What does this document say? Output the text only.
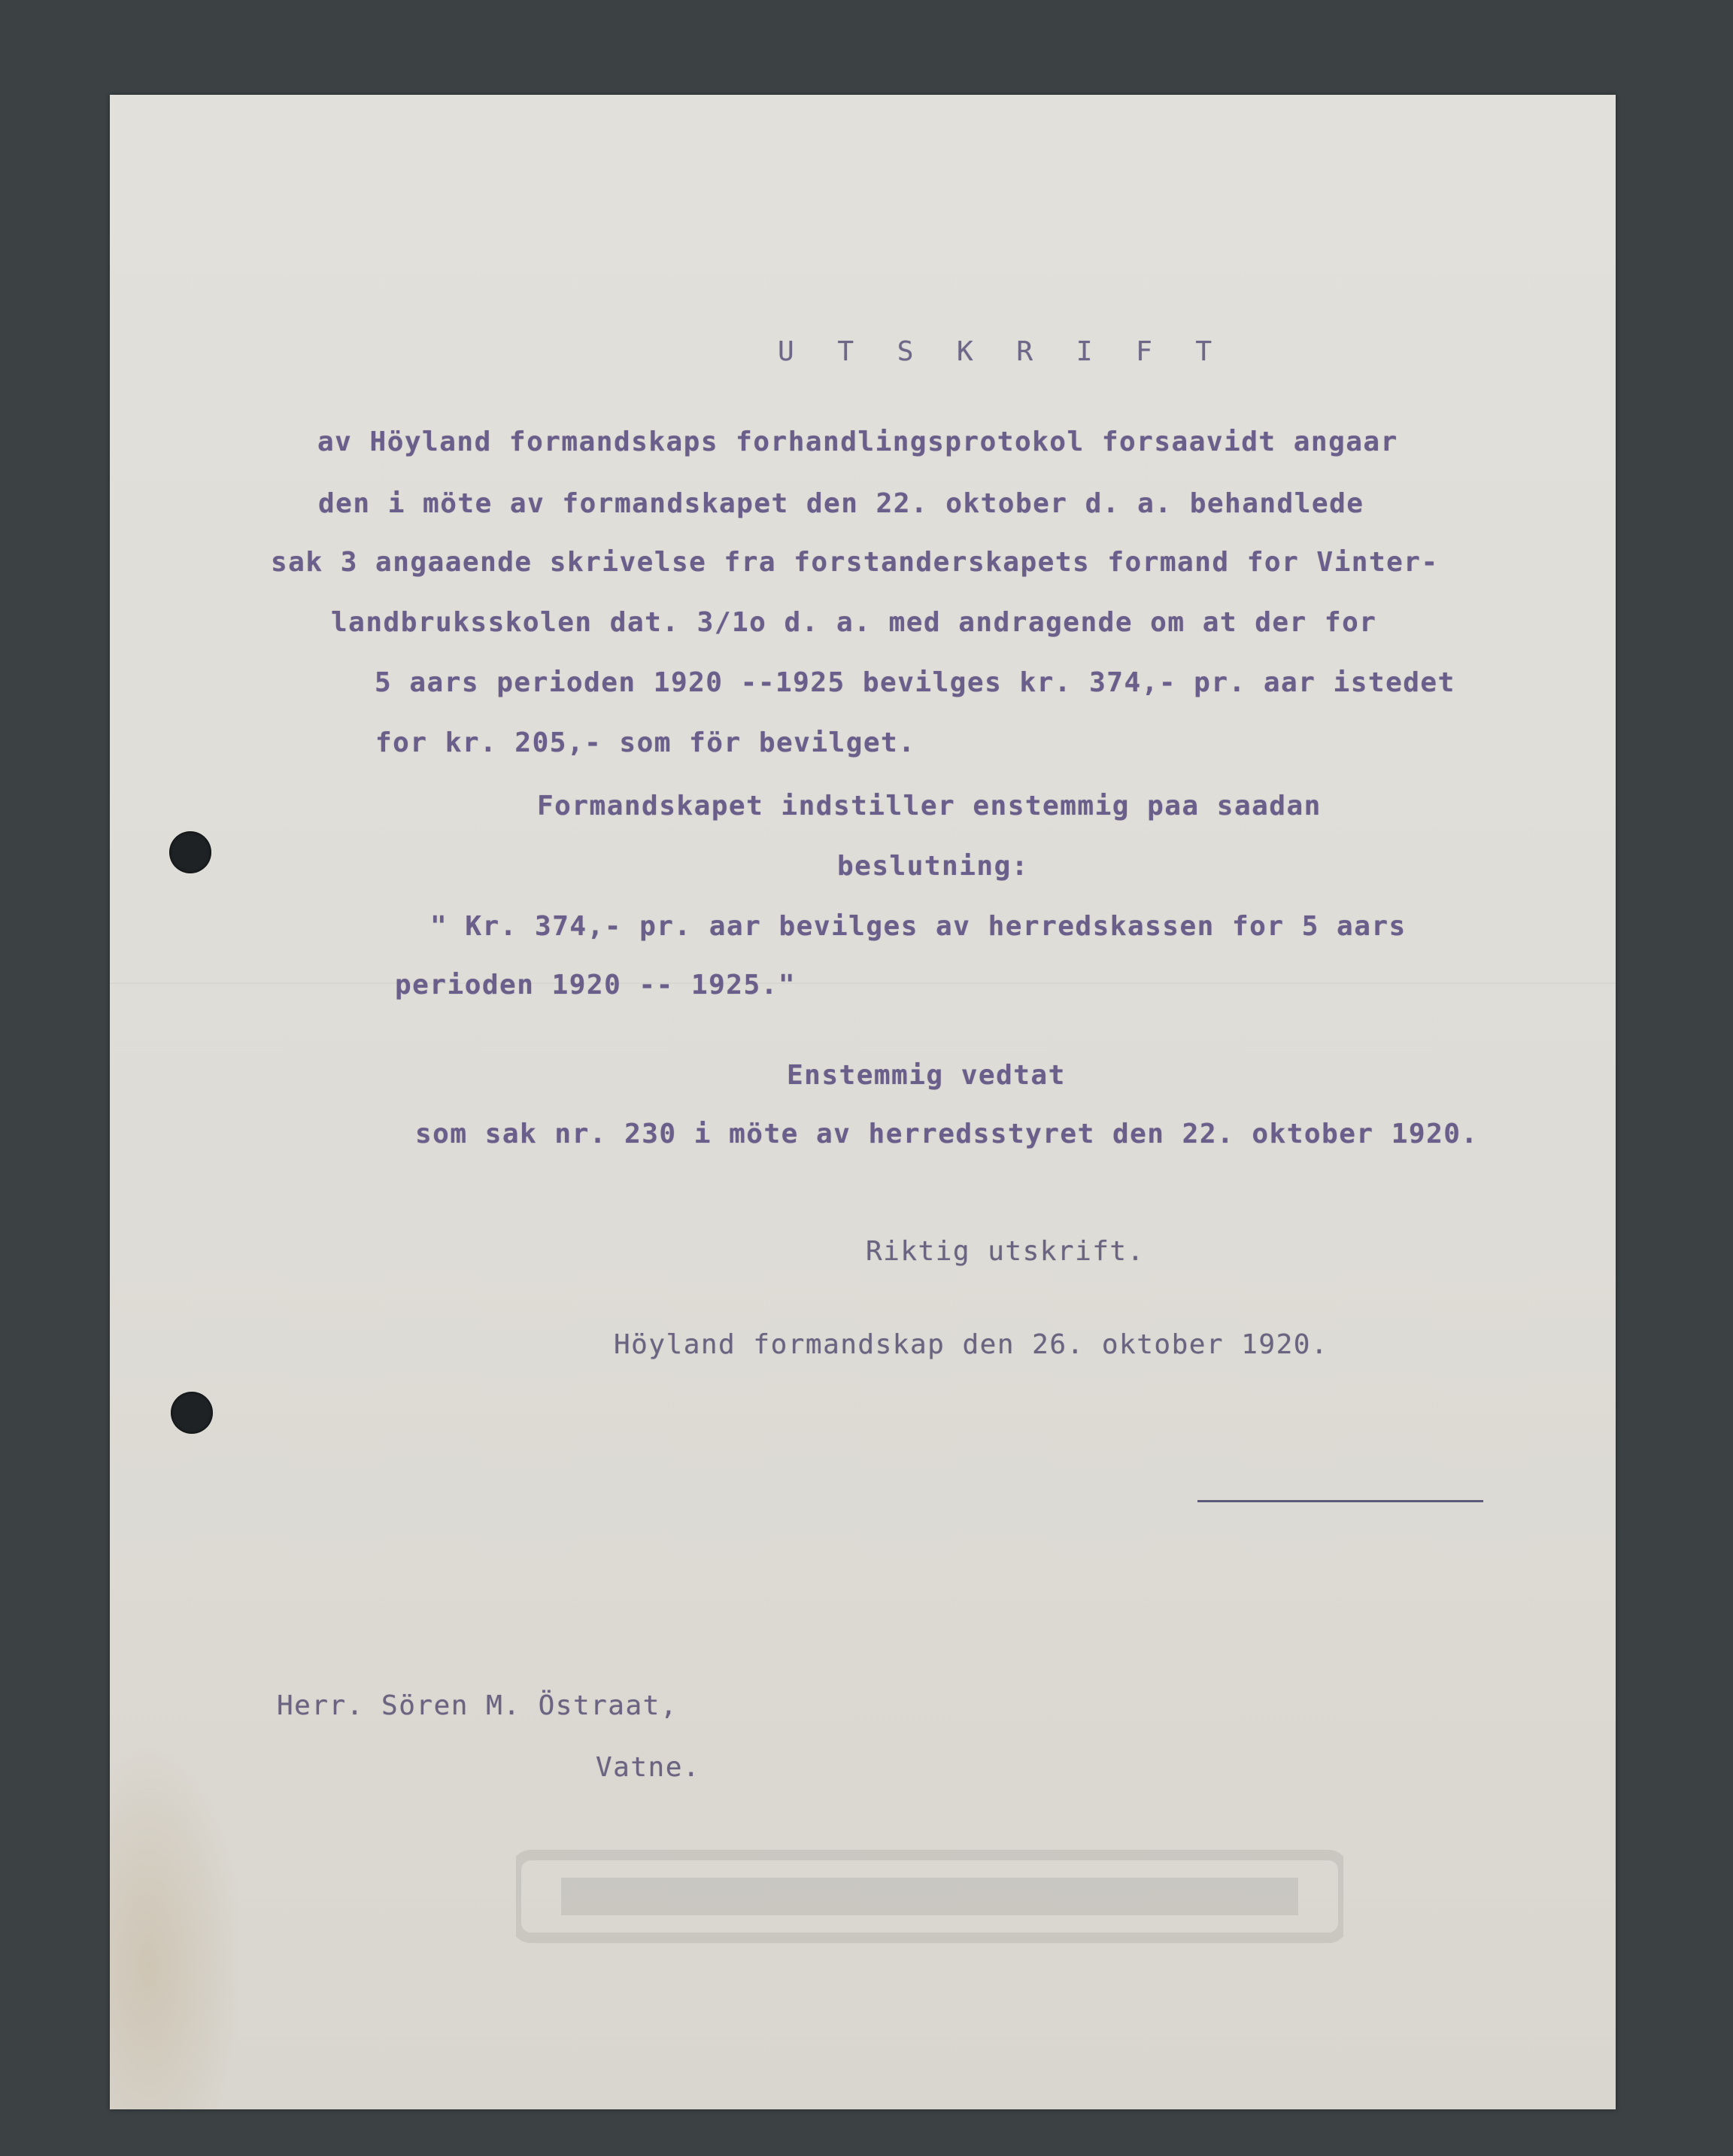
U T S K R I F T

av Höyland formandskaps forhandlingsprotokol forsaavidt angaar

den i möte av formandskapet den 22. oktober d. a. behandlede

sak 3 angaaende skrivelse fra forstanderskapets formand for Vinter-

landbruksskolen dat. 3/1o d. a. med andragende om at der for

5 aars perioden 1920 --1925 bevilges kr. 374,- pr. aar istedet

for kr. 205,- som för bevilget.

Formandskapet indstiller enstemmig paa saadan

beslutning:

" Kr. 374,- pr. aar bevilges av herredskassen for 5 aars

perioden 1920 -- 1925."

Enstemmig vedtat

som sak nr. 230 i möte av herredsstyret den 22. oktober 1920.

Riktig utskrift.

Höyland formandskap den 26. oktober 1920.

Herr. Sören M. Östraat,

Vatne.
